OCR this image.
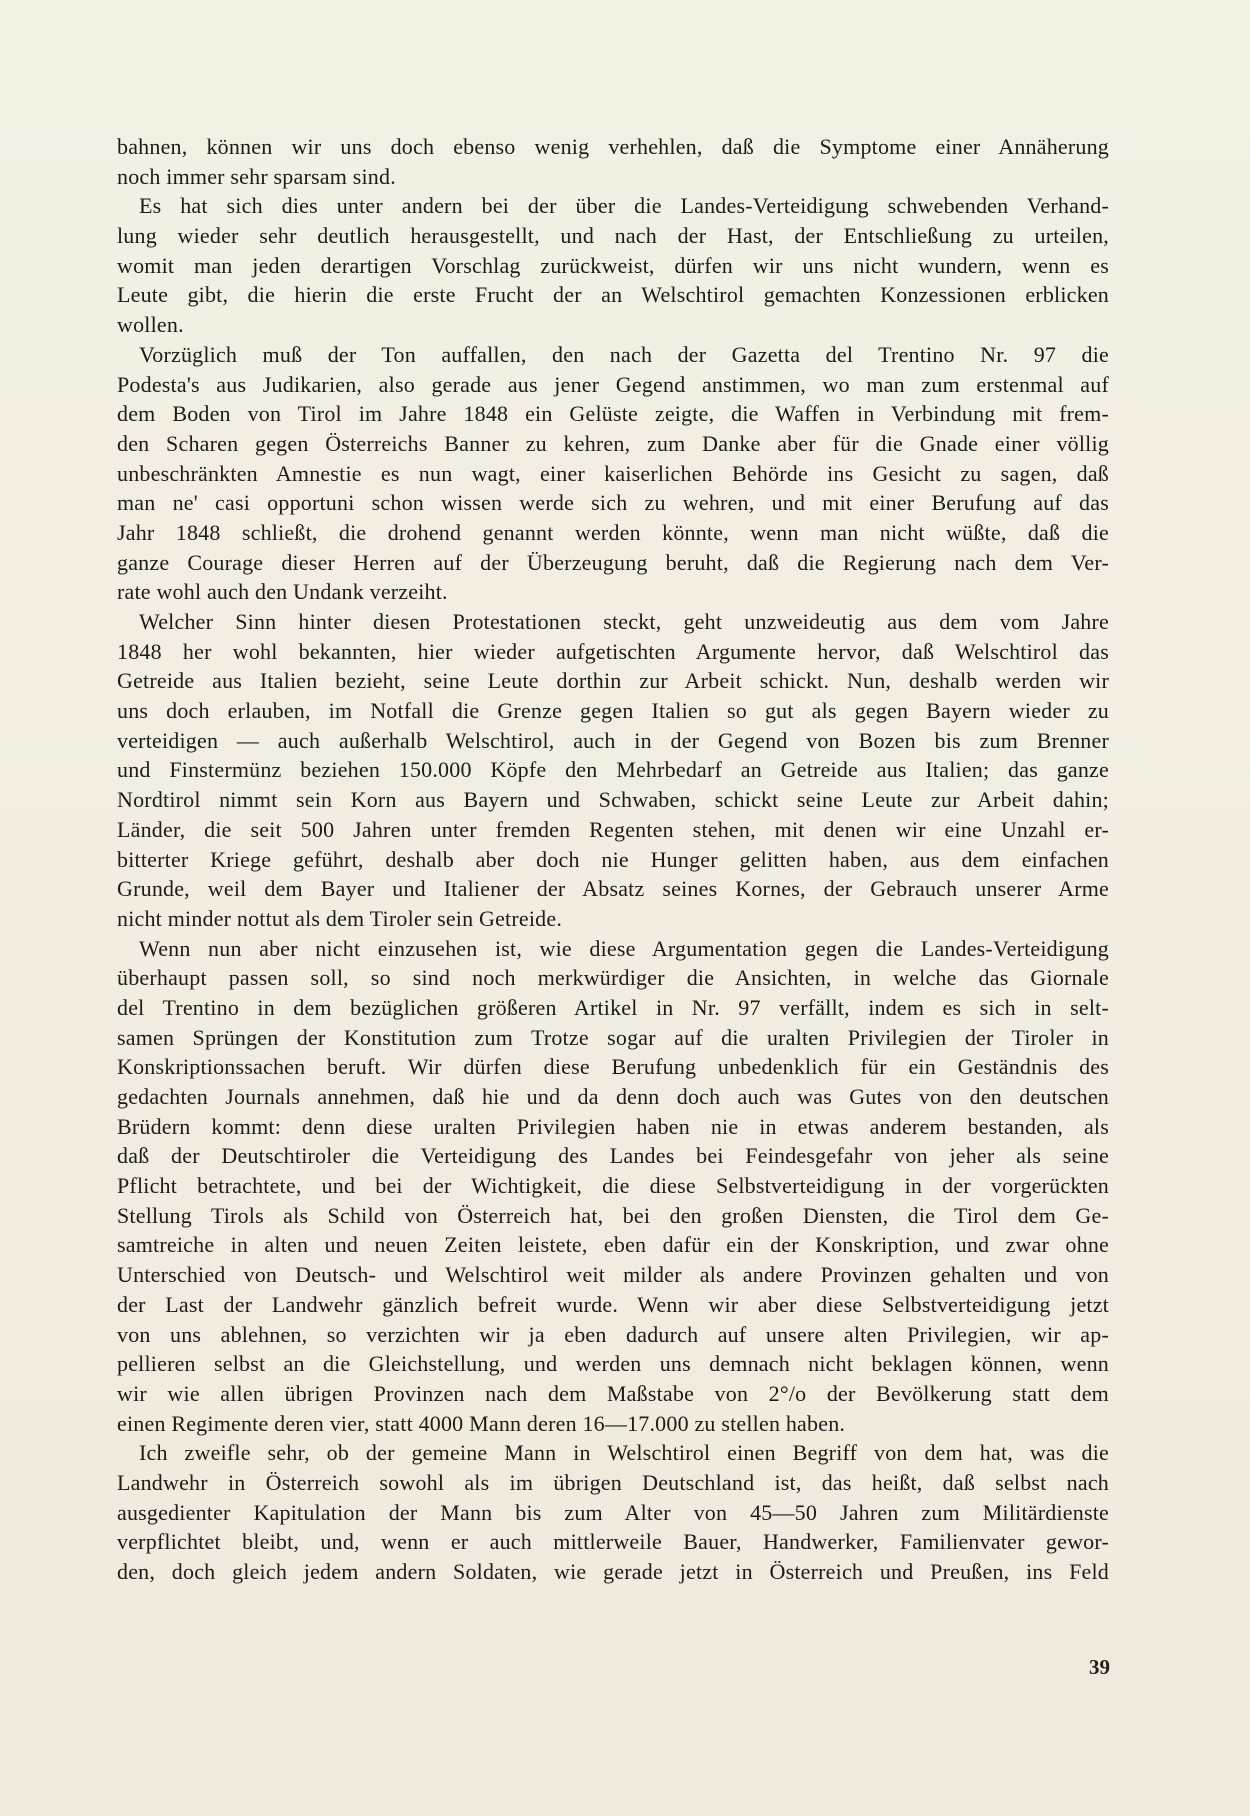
bahnen, können wir uns doch ebenso wenig verhehlen, daß die Symptome einer Annäherung
noch immer sehr sparsam sind.
Es hat sich dies unter andern bei der über die Landes-Verteidigung schwebenden Verhand-
lung wieder sehr deutlich herausgestellt, und nach der Hast, der Entschließung zu urteilen,
womit man jeden derartigen Vorschlag zurückweist, dürfen wir uns nicht wundern, wenn es
Leute gibt, die hierin die erste Frucht der an Welschtirol gemachten Konzessionen erblicken
wollen.
Vorzüglich muß der Ton auffallen, den nach der Gazetta del Trentino Nr. 97 die
Podesta's aus Judikarien, also gerade aus jener Gegend anstimmen, wo man zum erstenmal auf
dem Boden von Tirol im Jahre 1848 ein Gelüste zeigte, die Waffen in Verbindung mit frem-
den Scharen gegen Österreichs Banner zu kehren, zum Danke aber für die Gnade einer völlig
unbeschränkten Amnestie es nun wagt, einer kaiserlichen Behörde ins Gesicht zu sagen, daß
man ne' casi opportuni schon wissen werde sich zu wehren, und mit einer Berufung auf das
Jahr 1848 schließt, die drohend genannt werden könnte, wenn man nicht wüßte, daß die
ganze Courage dieser Herren auf der Überzeugung beruht, daß die Regierung nach dem Ver-
rate wohl auch den Undank verzeiht.
Welcher Sinn hinter diesen Protestationen steckt, geht unzweideutig aus dem vom Jahre
1848 her wohl bekannten, hier wieder aufgetischten Argumente hervor, daß Welschtirol das
Getreide aus Italien bezieht, seine Leute dorthin zur Arbeit schickt. Nun, deshalb werden wir
uns doch erlauben, im Notfall die Grenze gegen Italien so gut als gegen Bayern wieder zu
verteidigen — auch außerhalb Welschtirol, auch in der Gegend von Bozen bis zum Brenner
und Finstermünz beziehen 150.000 Köpfe den Mehrbedarf an Getreide aus Italien; das ganze
Nordtirol nimmt sein Korn aus Bayern und Schwaben, schickt seine Leute zur Arbeit dahin;
Länder, die seit 500 Jahren unter fremden Regenten stehen, mit denen wir eine Unzahl er-
bitterter Kriege geführt, deshalb aber doch nie Hunger gelitten haben, aus dem einfachen
Grunde, weil dem Bayer und Italiener der Absatz seines Kornes, der Gebrauch unserer Arme
nicht minder nottut als dem Tiroler sein Getreide.
Wenn nun aber nicht einzusehen ist, wie diese Argumentation gegen die Landes-Verteidigung
überhaupt passen soll, so sind noch merkwürdiger die Ansichten, in welche das Giornale
del Trentino in dem bezüglichen größeren Artikel in Nr. 97 verfällt, indem es sich in selt-
samen Sprüngen der Konstitution zum Trotze sogar auf die uralten Privilegien der Tiroler in
Konskriptionssachen beruft. Wir dürfen diese Berufung unbedenklich für ein Geständnis des
gedachten Journals annehmen, daß hie und da denn doch auch was Gutes von den deutschen
Brüdern kommt: denn diese uralten Privilegien haben nie in etwas anderem bestanden, als
daß der Deutschtiroler die Verteidigung des Landes bei Feindesgefahr von jeher als seine
Pflicht betrachtete, und bei der Wichtigkeit, die diese Selbstverteidigung in der vorgerückten
Stellung Tirols als Schild von Österreich hat, bei den großen Diensten, die Tirol dem Ge-
samtreiche in alten und neuen Zeiten leistete, eben dafür ein der Konskription, und zwar ohne
Unterschied von Deutsch- und Welschtirol weit milder als andere Provinzen gehalten und von
der Last der Landwehr gänzlich befreit wurde. Wenn wir aber diese Selbstverteidigung jetzt
von uns ablehnen, so verzichten wir ja eben dadurch auf unsere alten Privilegien, wir ap-
pellieren selbst an die Gleichstellung, und werden uns demnach nicht beklagen können, wenn
wir wie allen übrigen Provinzen nach dem Maßstabe von 2°/o der Bevölkerung statt dem
einen Regimente deren vier, statt 4000 Mann deren 16—17.000 zu stellen haben.
Ich zweifle sehr, ob der gemeine Mann in Welschtirol einen Begriff von dem hat, was die
Landwehr in Österreich sowohl als im übrigen Deutschland ist, das heißt, daß selbst nach
ausgedienter Kapitulation der Mann bis zum Alter von 45—50 Jahren zum Militärdienste
verpflichtet bleibt, und, wenn er auch mittlerweile Bauer, Handwerker, Familienvater gewor-
den, doch gleich jedem andern Soldaten, wie gerade jetzt in Österreich und Preußen, ins Feld
39
